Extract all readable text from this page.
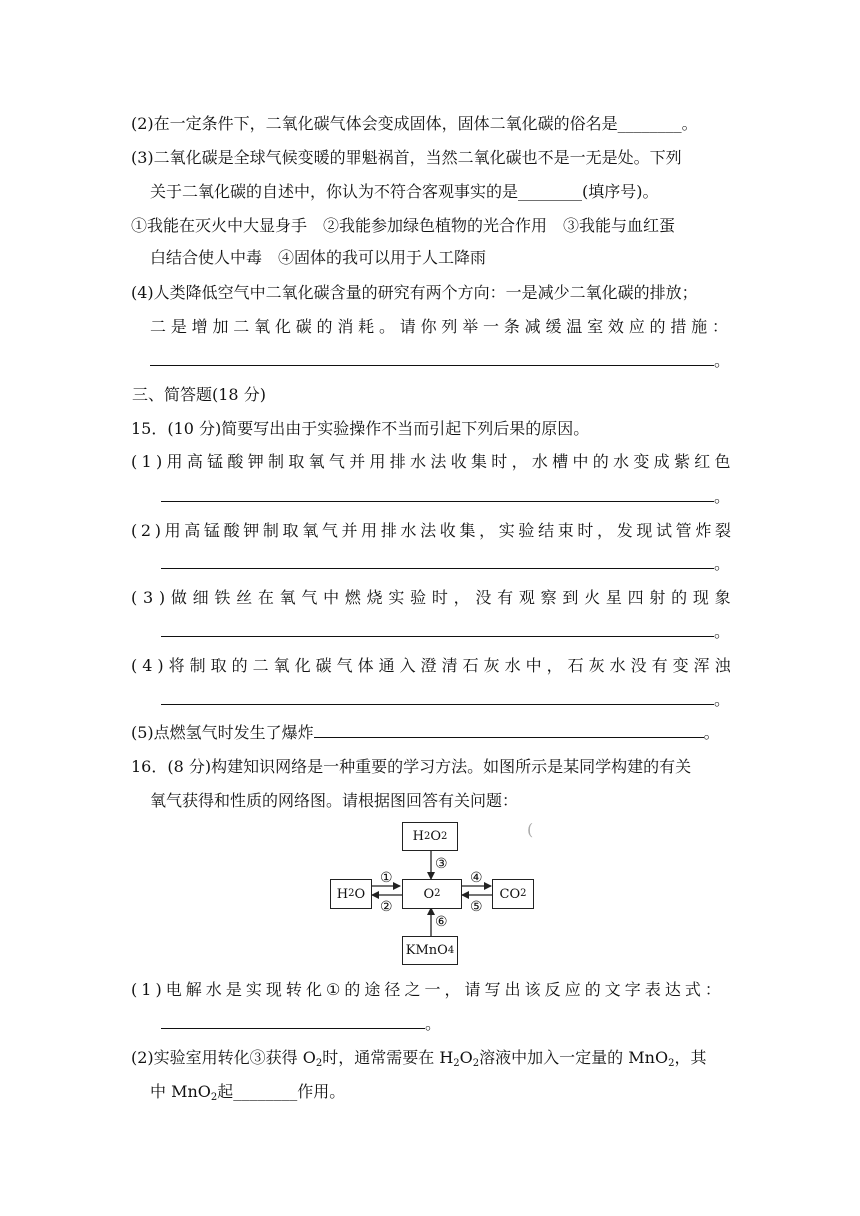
(2)在一定条件下，二氧化碳气体会变成固体，固体二氧化碳的俗名是________。
(3)二氧化碳是全球气候变暖的罪魁祸首，当然二氧化碳也不是一无是处。下列
关于二氧化碳的自述中，你认为不符合客观事实的是________(填序号)。
①我能在灭火中大显身手　②我能参加绿色植物的光合作用　③我能与血红蛋
白结合使人中毒　④固体的我可以用于人工降雨
(4)人类降低空气中二氧化碳含量的研究有两个方向：一是减少二氧化碳的排放；
二 是 增 加 二 氧 化 碳 的 消 耗 。 请 你 列 举 一 条 减 缓 温 室 效 应 的 措 施 ：
。
三、简答题(18 分)
15．(10 分)简要写出由于实验操作不当而引起下列后果的原因。
( 1 ) 用 高 锰 酸 钾 制 取 氧 气 并 用 排 水 法 收 集 时 ， 水 槽 中 的 水 变 成 紫 红 色
。
( 2 ) 用 高 锰 酸 钾 制 取 氧 气 并 用 排 水 法 收 集 ， 实 验 结 束 时 ， 发 现 试 管 炸 裂
。
( 3 ) 做 细 铁 丝 在 氧 气 中 燃 烧 实 验 时 ， 没 有 观 察 到 火 星 四 射 的 现 象
。
( 4 ) 将 制 取 的 二 氧 化 碳 气 体 通 入 澄 清 石 灰 水 中 ， 石 灰 水 没 有 变 浑 浊
。
(5)点燃氢气时发生了爆炸	。
16．(8 分)构建知识网络是一种重要的学习方法。如图所示是某同学构建的有关
氧气获得和性质的网络图。请根据图回答有关问题：
(
H 2 O 2
H 2 O	O 2	CO 2
KMnO 4
①
②
③
④
⑤
⑥
( 1 ) 电 解 水 是 实 现 转 化 ① 的 途 径 之 一 ， 请 写 出 该 反 应 的 文 字 表 达 式 ：
。
(2)实验室用转化③获得 $O_2$时，通常需要在 $H_2O_2$溶液中加入一定量的 MnO$_2$，其
中 MnO$_2$起________作用。
